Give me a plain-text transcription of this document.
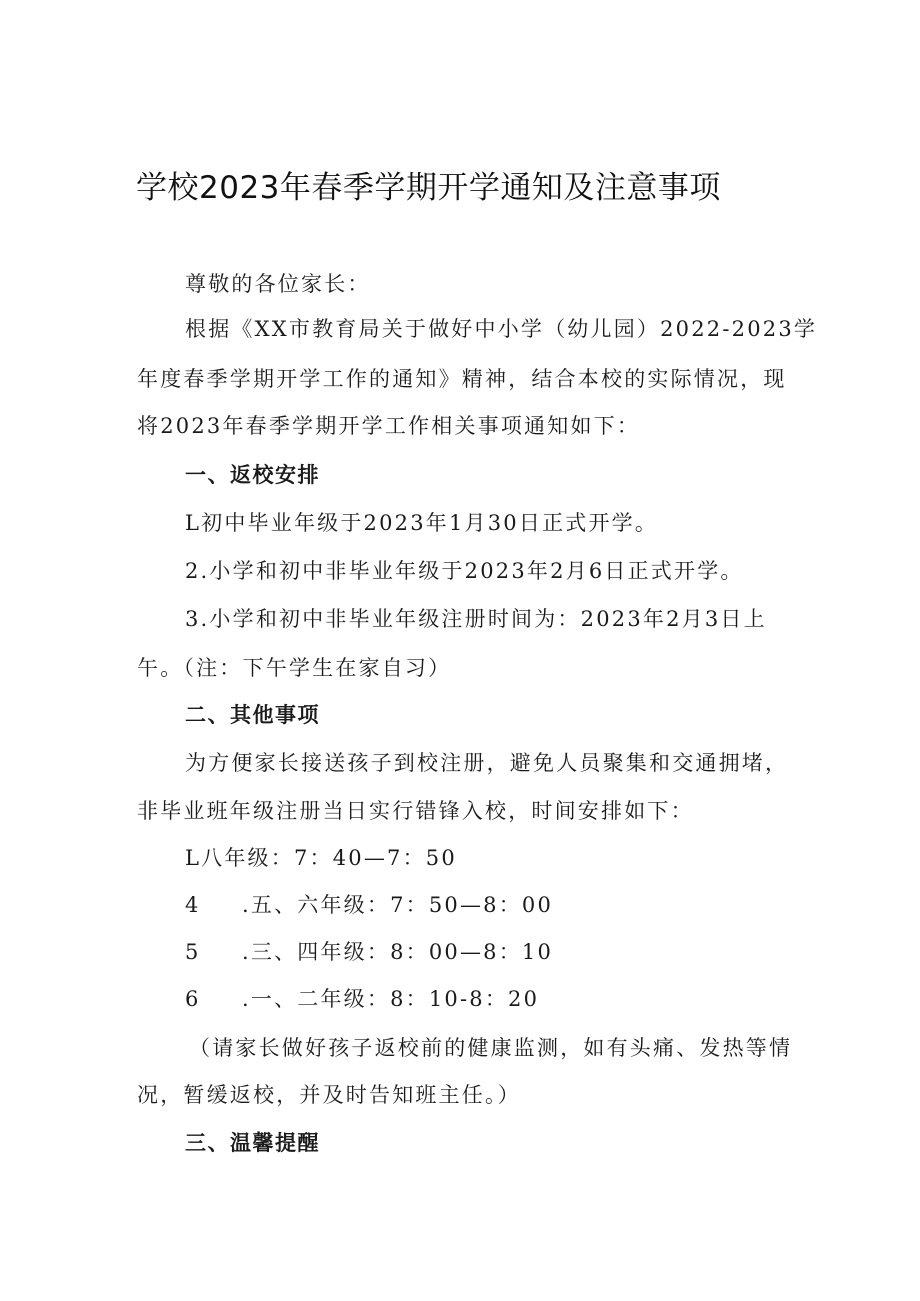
学校2023年春季学期开学通知及注意事项
尊敬的各位家长：
根据《XX市教育局关于做好中小学（幼儿园）2022-2023学
年度春季学期开学工作的通知》精神，结合本校的实际情况，现
将2023年春季学期开学工作相关事项通知如下：
一、返校安排
L初中毕业年级于2023年1月30日正式开学。
2.小学和初中非毕业年级于2023年2月6日正式开学。
3.小学和初中非毕业年级注册时间为：2023年2月3日上
午。（注：下午学生在家自习）
二、其他事项
为方便家长接送孩子到校注册，避免人员聚集和交通拥堵，
非毕业班年级注册当日实行错锋入校，时间安排如下：
L八年级：7：40—7：50
4 .五、六年级：7：50—8：00
5 .三、四年级：8：00—8：10
6 .一、二年级：8：10-8：20
（请家长做好孩子返校前的健康监测，如有头痛、发热等情
况，暂缓返校，并及时告知班主任。）
三、温馨提醒
